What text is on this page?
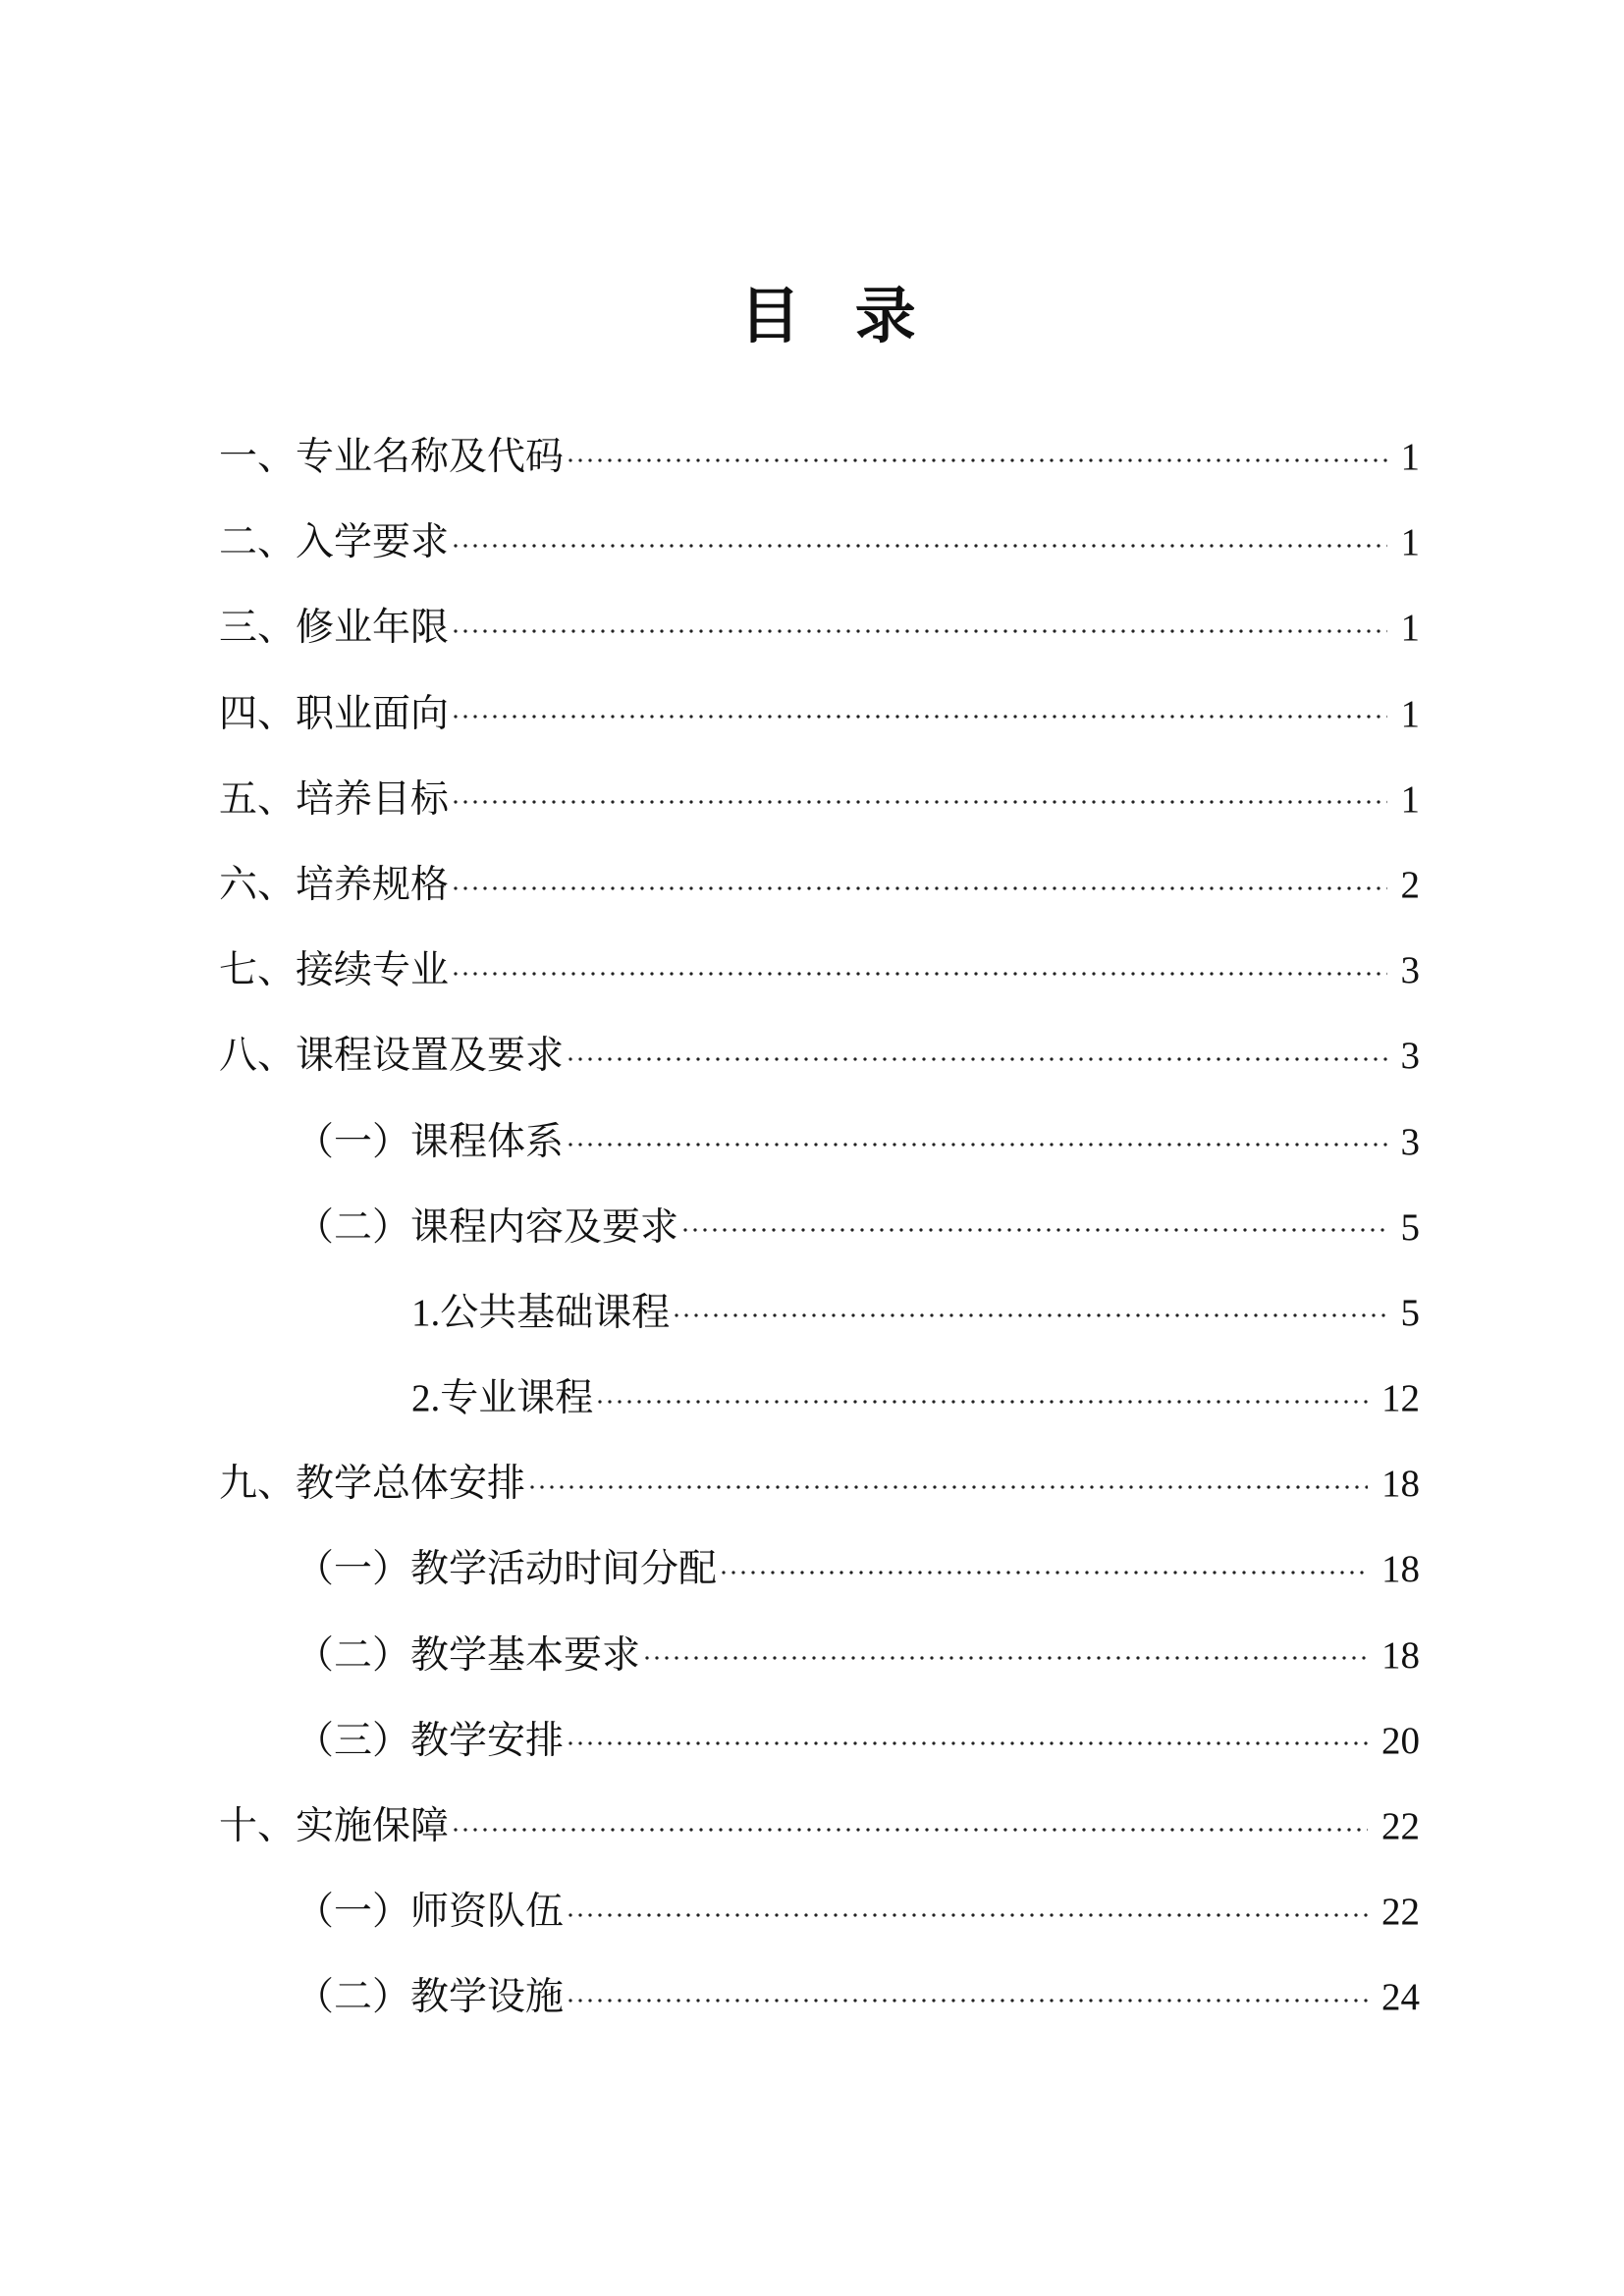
目 录
一、专业名称及代码	1
二、入学要求	1
三、修业年限	1
四、职业面向	1
五、培养目标	1
六、培养规格	2
七、接续专业	3
八、课程设置及要求	3
（一）课程体系	3
（二）课程内容及要求	5
1.公共基础课程	5
2.专业课程	12
九、教学总体安排	18
（一）教学活动时间分配	18
（二）教学基本要求	18
（三）教学安排	20
十、实施保障	22
（一）师资队伍	22
（二）教学设施	24
